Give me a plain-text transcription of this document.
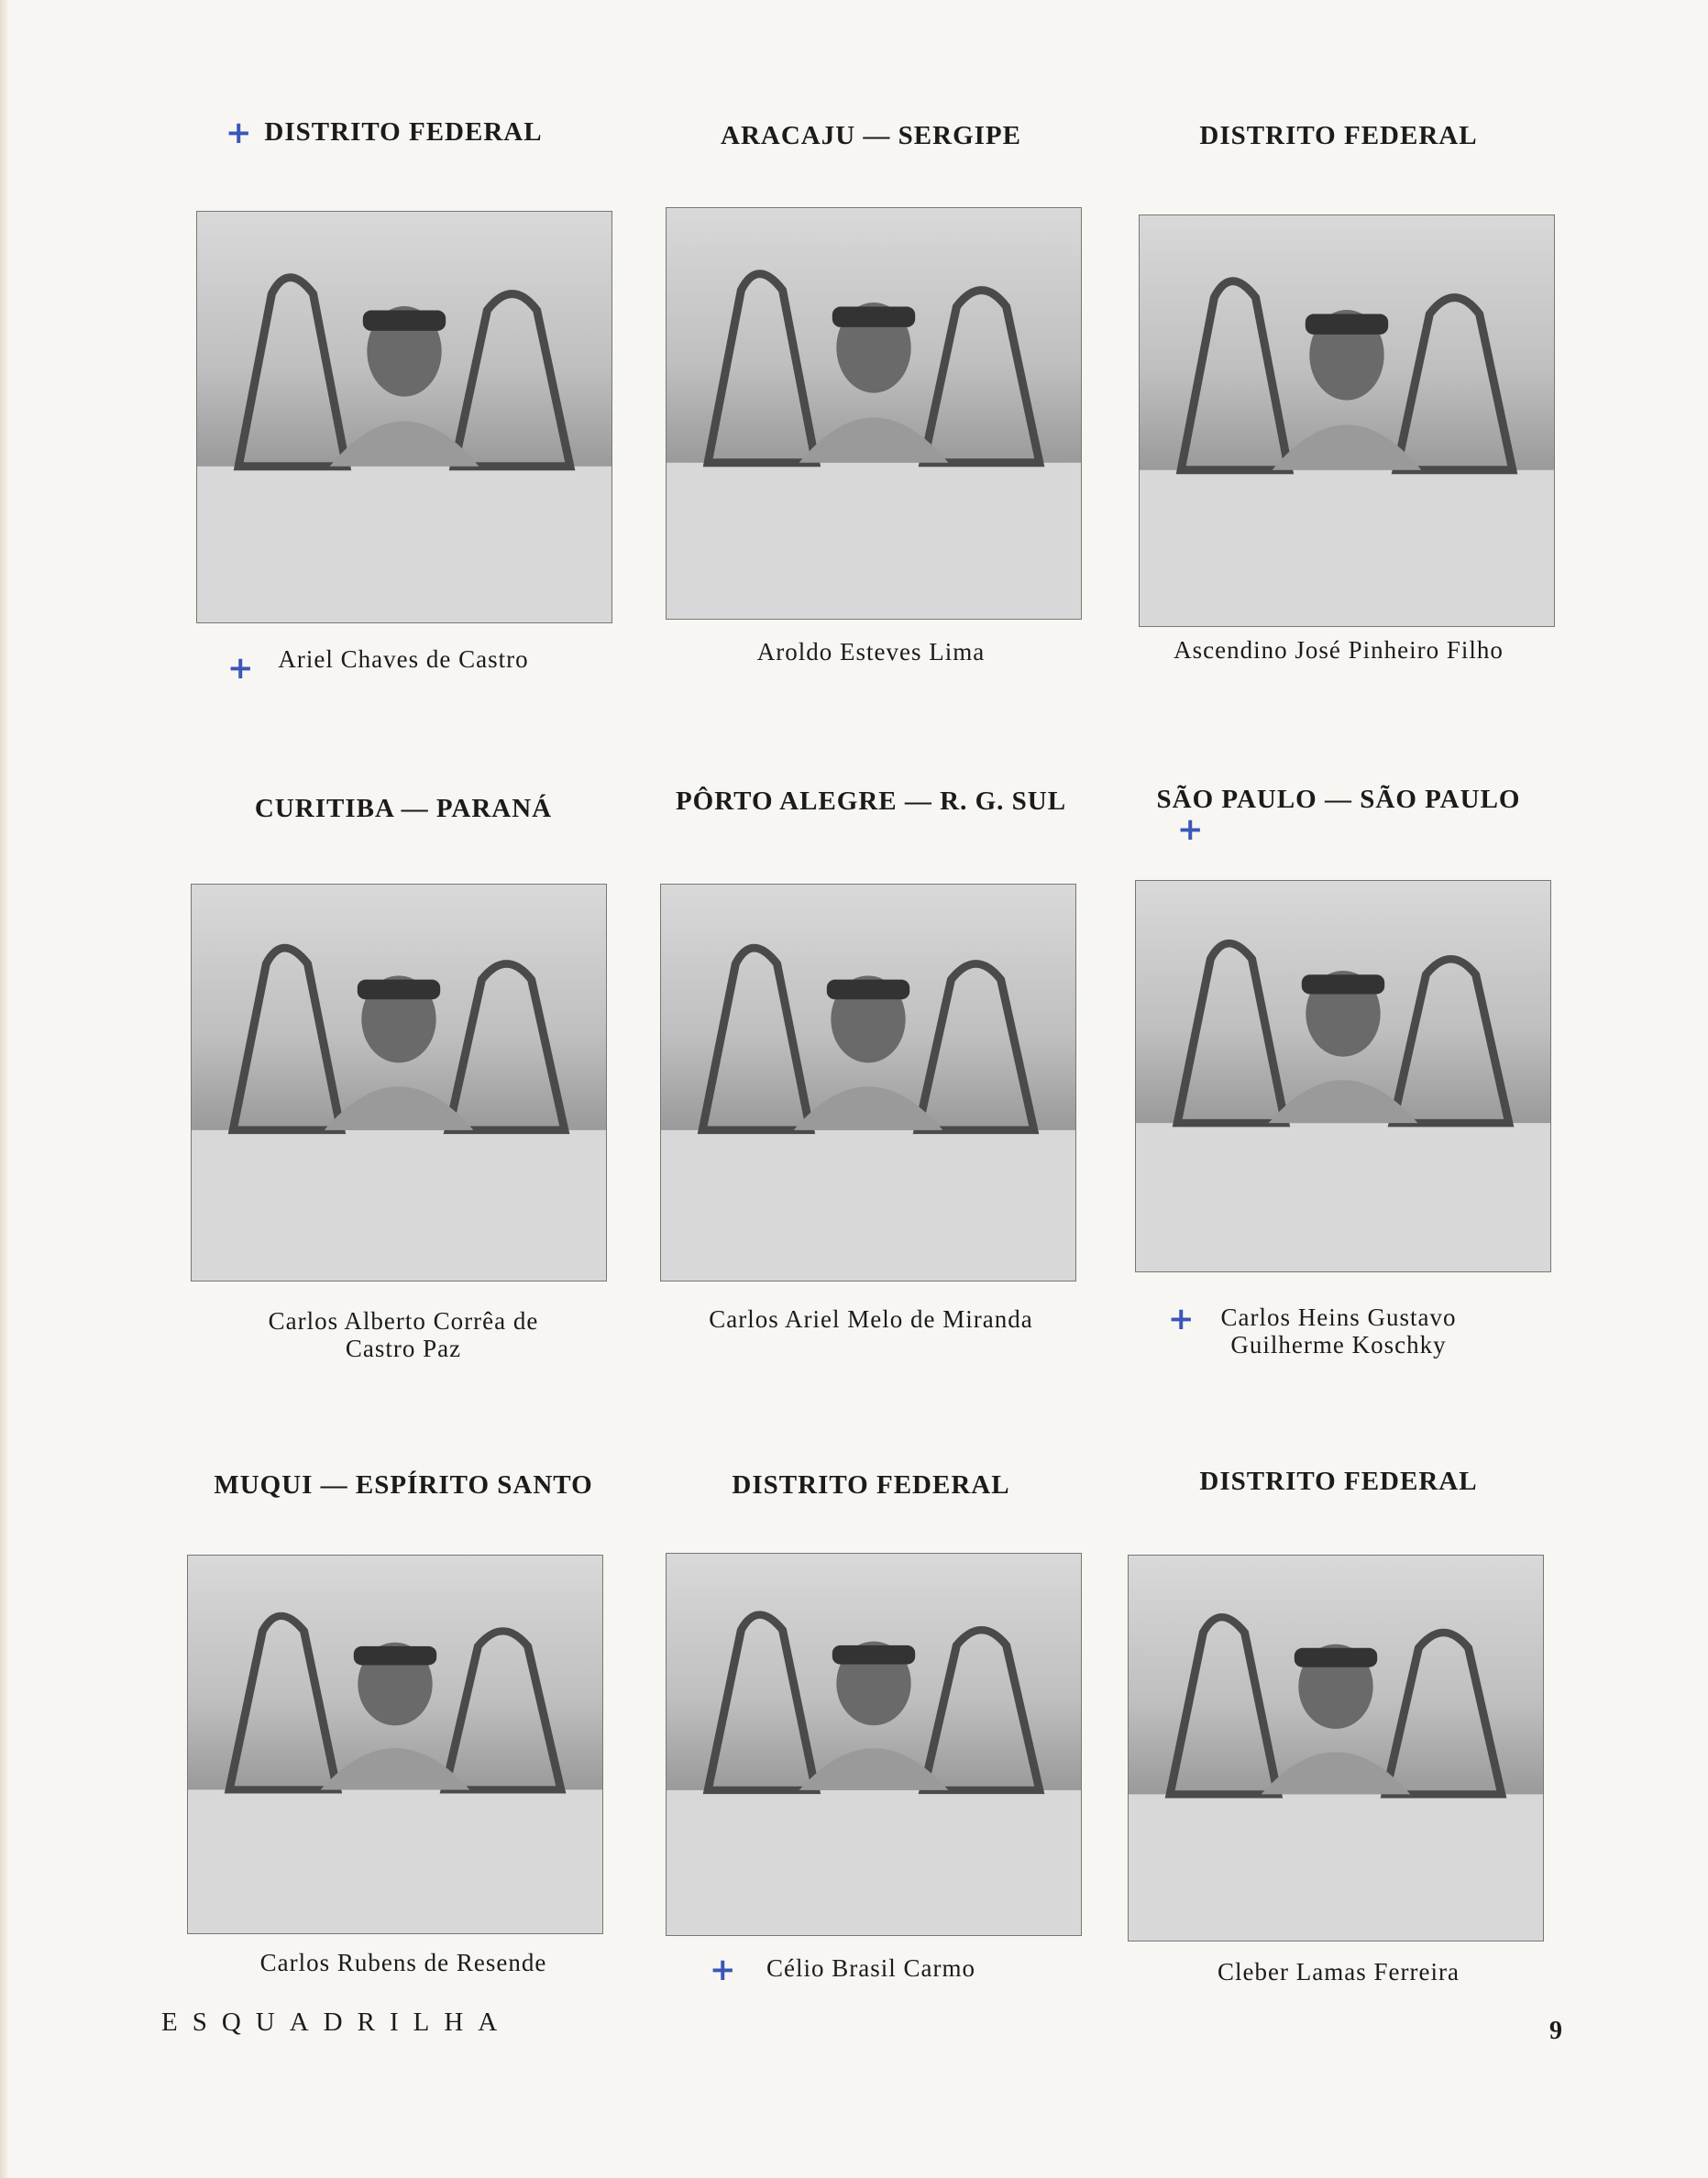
DISTRITO FEDERAL
Ariel Chaves de Castro
+
+
ARACAJU — SERGIPE
Aroldo Esteves Lima
DISTRITO FEDERAL
Ascendino José Pinheiro Filho
CURITIBA — PARANÁ
Carlos Alberto Corrêa de
Castro Paz
PÔRTO ALEGRE — R. G. SUL
Carlos Ariel Melo de Miranda
SÃO PAULO — SÃO PAULO
Carlos Heins Gustavo
Guilherme Koschky
+
+
MUQUI — ESPÍRITO SANTO
Carlos Rubens de Resende
DISTRITO FEDERAL
Célio Brasil Carmo
+
DISTRITO FEDERAL
Cleber Lamas Ferreira
ESQUADRILHA	9
